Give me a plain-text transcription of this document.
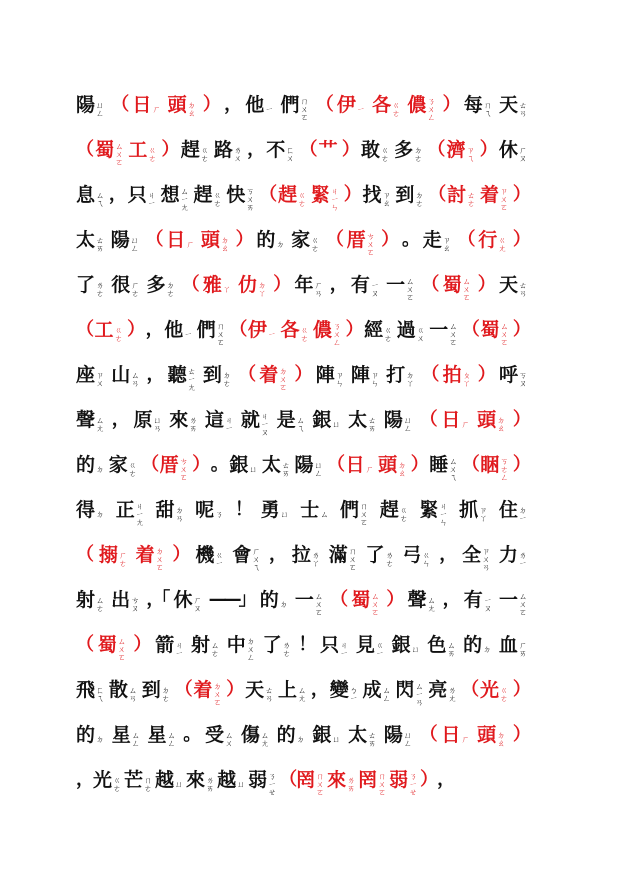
陽 ㄩㄥ （ 日 ㄏ 頭 ㄉㄠ ） ， 他 ㄧ 們 ㄇㄨㄛ
（ 伊 ㄧ 各 ㄍㄜ 儂 ㄋㄨㄥ
） 每 ㄇㄟ 天 ㄊㄢ
（ 蜀 ㄙㄨㄛ
工 ㄍㄜ ） 趕 ㄍㄜ 路 ㄌㄨ ， 不 ㄈㄨ （ 艹 ） 敢 ㄍㄜ 多 ㄉㄜ （ 濟 ㄗㄟ ） 休 ㄏㄡ
息 ㄙㄟ ， 只 ㄐㄧ 想 ㄙㄧㄤ
趕 ㄍㄜ 快 ㄎㄨㄞ
（ 趕 ㄍㄜ 緊 ㄐㄧㄣ
） 找 ㄗㄠ 到 ㄉㄜ （ 討 ㄊㄜ 着 ㄗㄨㄛ
）
太 ㄊㄞ 陽 ㄩㄥ （ 日 ㄏ 頭 ㄉㄠ ） 的 ㄉ 家 ㄍㄜ （ 厝 ㄘㄨㄛ
） 。 走 ㄗㄠ （ 行 ㄍㄤ ）
了 ㄌㄜ 很 ㄏㄜ 多 ㄉㄜ （ 雅 ㄚ 仂 ㄉㄚ ） 年 ㄏㄢ ， 有 ㄧㄡ 一 ㄙㄨㄛ
（ 蜀 ㄙㄨㄛ
） 天 ㄊㄢ
（ 工 ㄍㄜ ） ， 他 ㄧ 們 ㄇㄨㄛ
（ 伊 ㄧ 各 ㄍㄜ 儂 ㄋㄨㄥ
） 經 ㄍㄜ 過 ㄍㄨ 一 ㄙㄨㄛ
（ 蜀 ㄙㄨㄛ
）
座 ㄗㄨ 山 ㄙㄢ ， 聽 ㄊㄧㄤ
到 ㄉㄜ （ 着 ㄉㄨㄛ
） 陣 ㄗㄣ 陣 ㄗㄣ 打 ㄉㄚ （ 拍 ㄆㄚ ） 呼 ㄎㄡ
聲 ㄙㄤ ， 原 ㄩㄢ 來 ㄌㄞ 這 ㄐㄧ 就 ㄐㄧㄡ
是 ㄙㄟ 銀 ㄩ 太 ㄊㄞ 陽 ㄩㄥ （ 日 ㄏ 頭 ㄉㄠ ）
的 ㄉ 家 ㄍㄜ （ 厝 ㄘㄨㄛ
） 。 銀 ㄩ 太 ㄊㄞ 陽 ㄩㄥ （ 日 ㄏ 頭 ㄉㄠ ） 睡 ㄙㄨㄟ
（ 睏 ㄎㄜㄥ
）
得 ㄉ 正 ㄐㄧㄤ
甜 ㄉㄢ 呢 ㄋ ！ 勇 ㄩ 士 ㄙ 們 ㄇㄨㄛ
趕 ㄍㄜ 緊 ㄐㄧㄣ
抓 ㄗㄚ 住 ㄉㄧ
（ 搦 ㄏㄜ 着 ㄉㄨㄛ
） 機 ㄍㄧ 會 ㄏㄨㄟ
， 拉 ㄌㄚ 滿 ㄇㄨㄛ
了 ㄌㄜ 弓 ㄍㄣ ， 全 ㄗㄨㄢ
力 ㄌㄧ
射 ㄙㄜ 出 ㄘㄡ ，「 休 ㄏㄡ ——」 的 ㄉ 一 ㄙㄨㄛ
（ 蜀 ㄙㄨㄛ
） 聲 ㄙㄤ ， 有 ㄧㄡ 一 ㄙㄨㄛ
（ 蜀 ㄙㄨㄛ
） 箭 ㄐㄧ 射 ㄙㄜ 中 ㄉㄨㄥ
了 ㄌㄜ ！ 只 ㄐㄧ 見 ㄍㄧ 銀 ㄩ 色 ㄙㄞ 的 ㄉ 血 ㄏㄞ
飛 ㄈㄟ 散 ㄙㄢ 到 ㄉㄜ （ 着 ㄉㄨㄛ
） 天 ㄊㄢ 上 ㄙㄤ ， 變 ㄅㄧ 成 ㄙㄥ 閃 ㄙㄧㄢ
亮 ㄌㄤ （ 光 ㄍㄜ ）
的 ㄉ 星 ㄙㄥ 星 ㄙㄥ 。 受 ㄙㄨ 傷 ㄙㄤ 的 ㄉ 銀 ㄩ 太 ㄊㄞ 陽 ㄩㄥ （ 日 ㄏ 頭 ㄉㄠ ）
， 光 ㄍㄜ 芒 ㄇㄜ 越 ㄩ 來 ㄌㄞ 越 ㄩ 弱 ㄋㄧㄝ
（ 罔 ㄇㄨㄛ
來 ㄌㄞ 罔 ㄇㄨㄛ
弱 ㄋㄧㄝ
） ，
